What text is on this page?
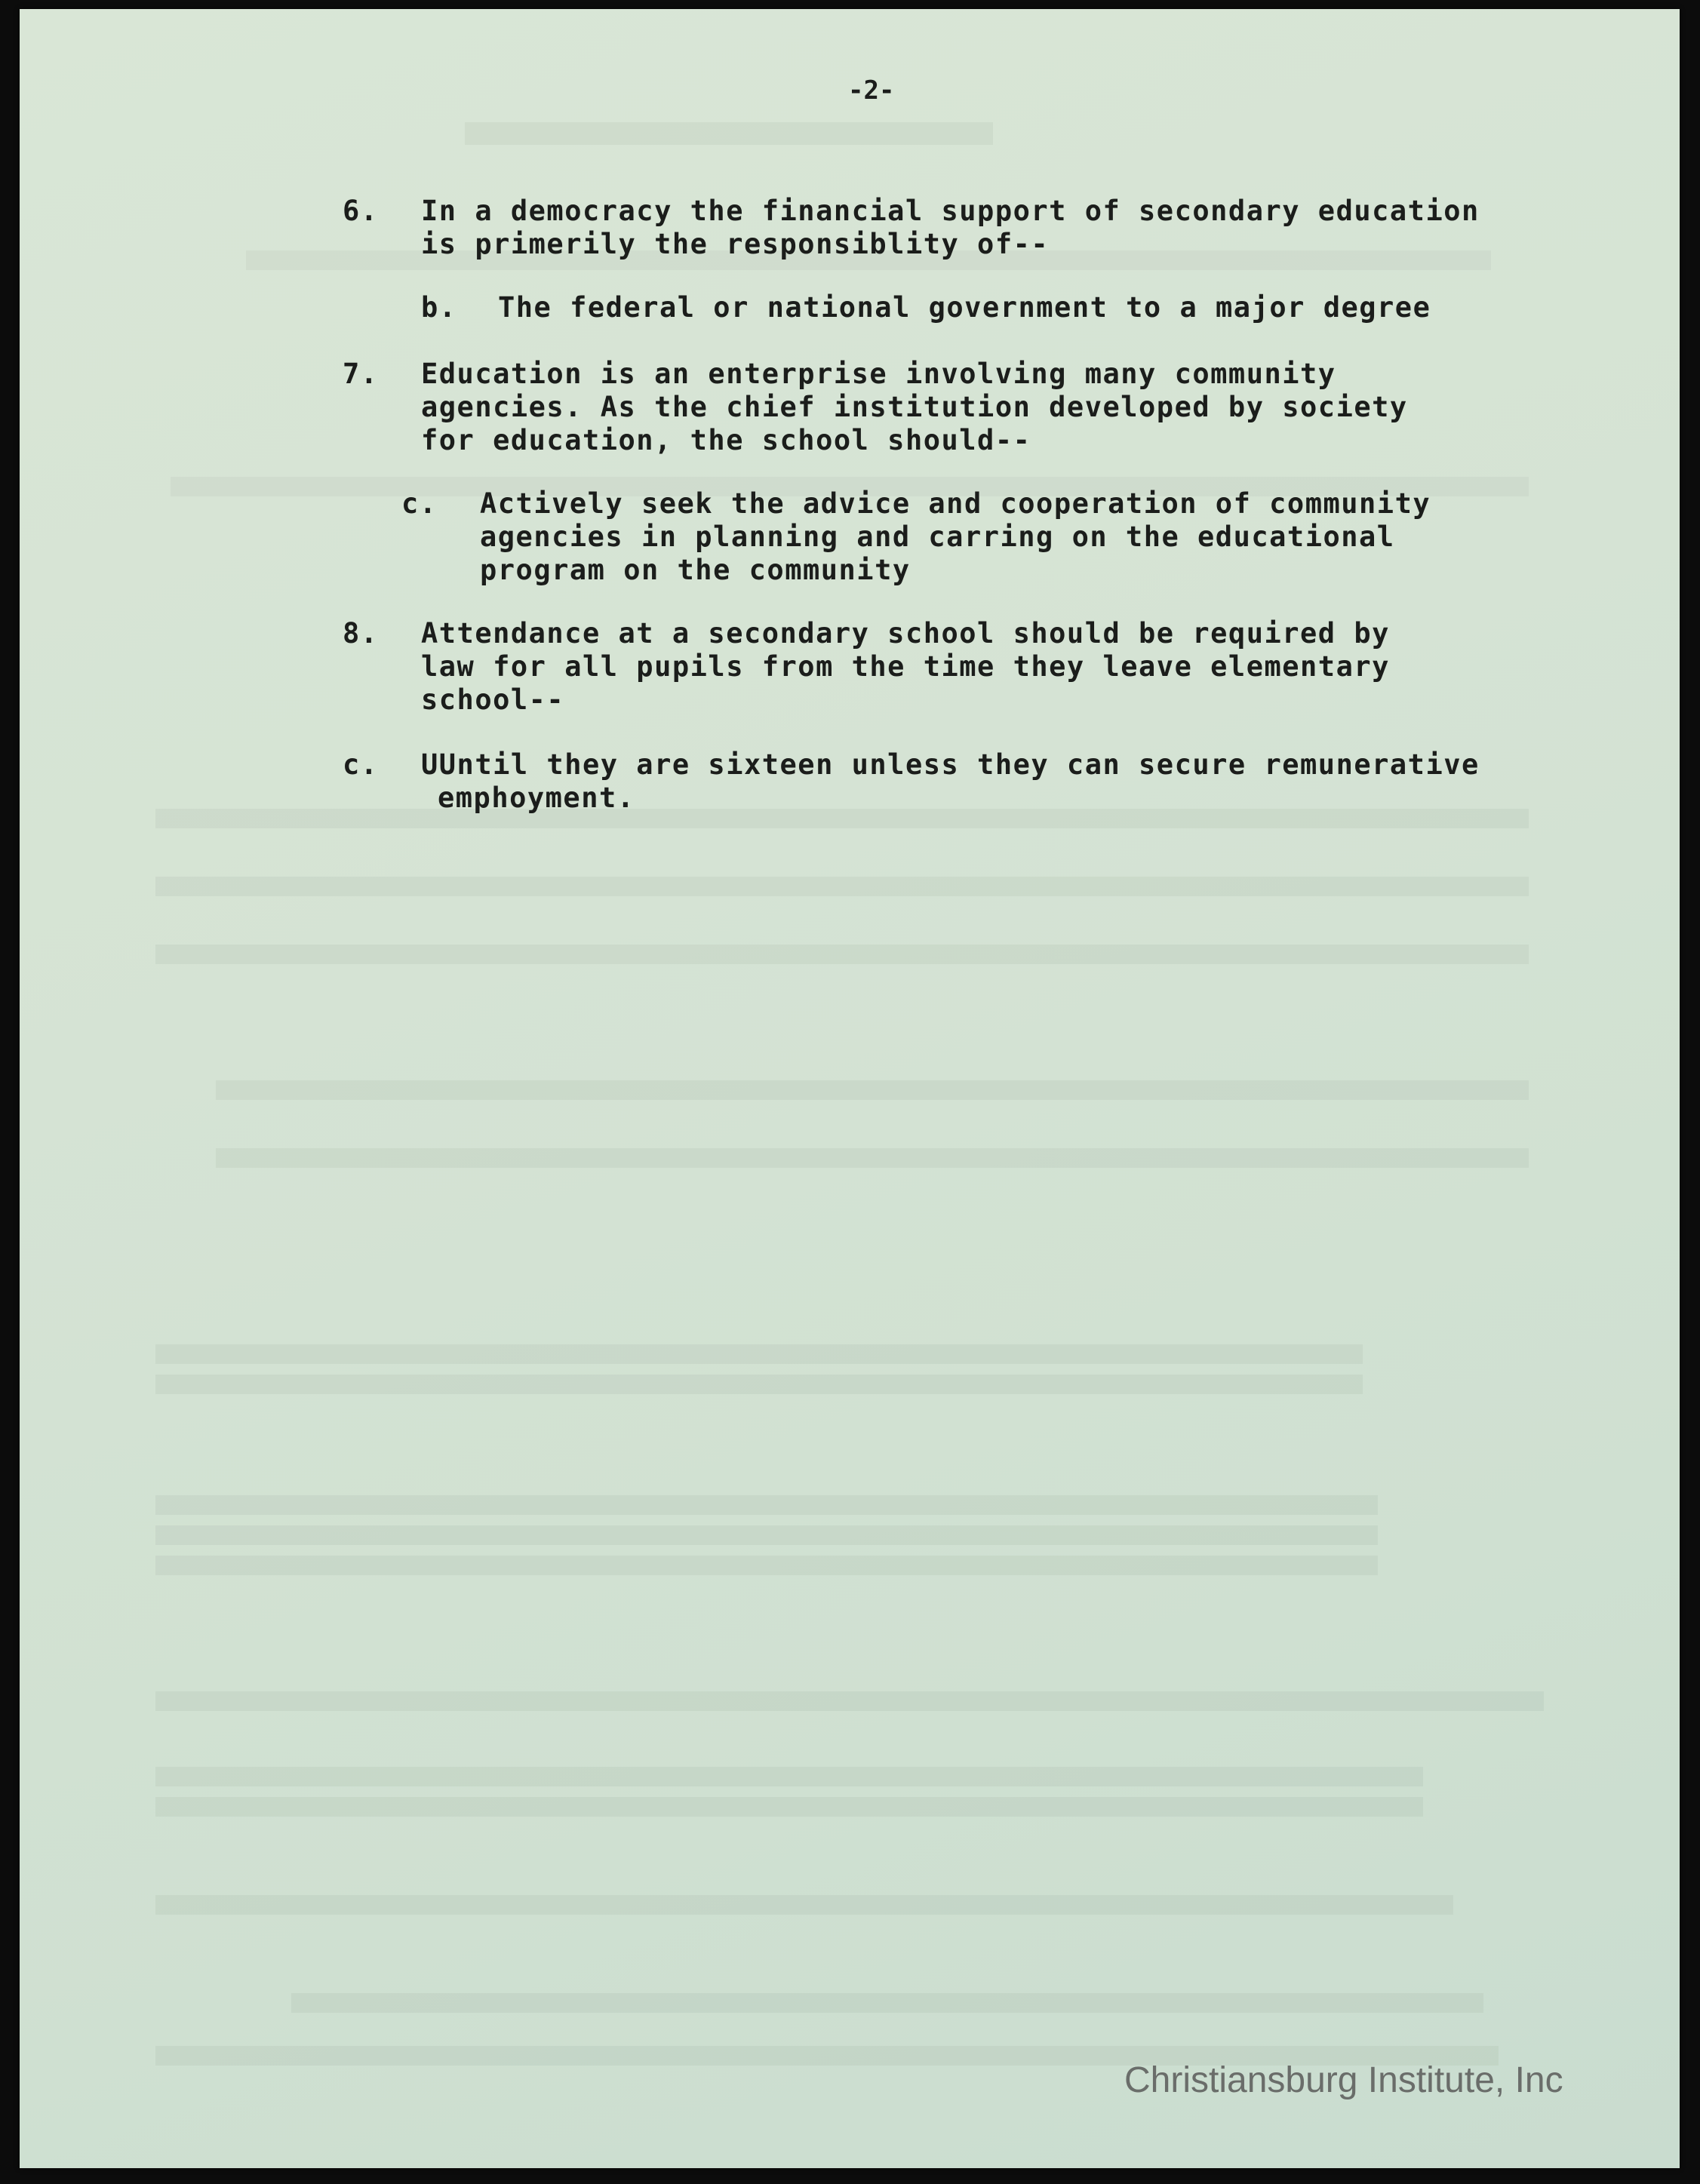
-2-
6. In a democracy the financial support of secondary education
is primerily the responsiblity of--
b. The federal or national government to a major degree
7. Education is an enterprise involving many community
agencies. As the chief institution developed by society
for education, the school should--
c. Actively seek the advice and cooperation of community
agencies in planning and carring on the educational
program on the community
8. Attendance at a secondary school should be required by
law for all pupils from the time they leave elementary
school--
c. UUntil they are sixteen unless they can secure remunerative
emphoyment.
Christiansburg Institute, Inc
